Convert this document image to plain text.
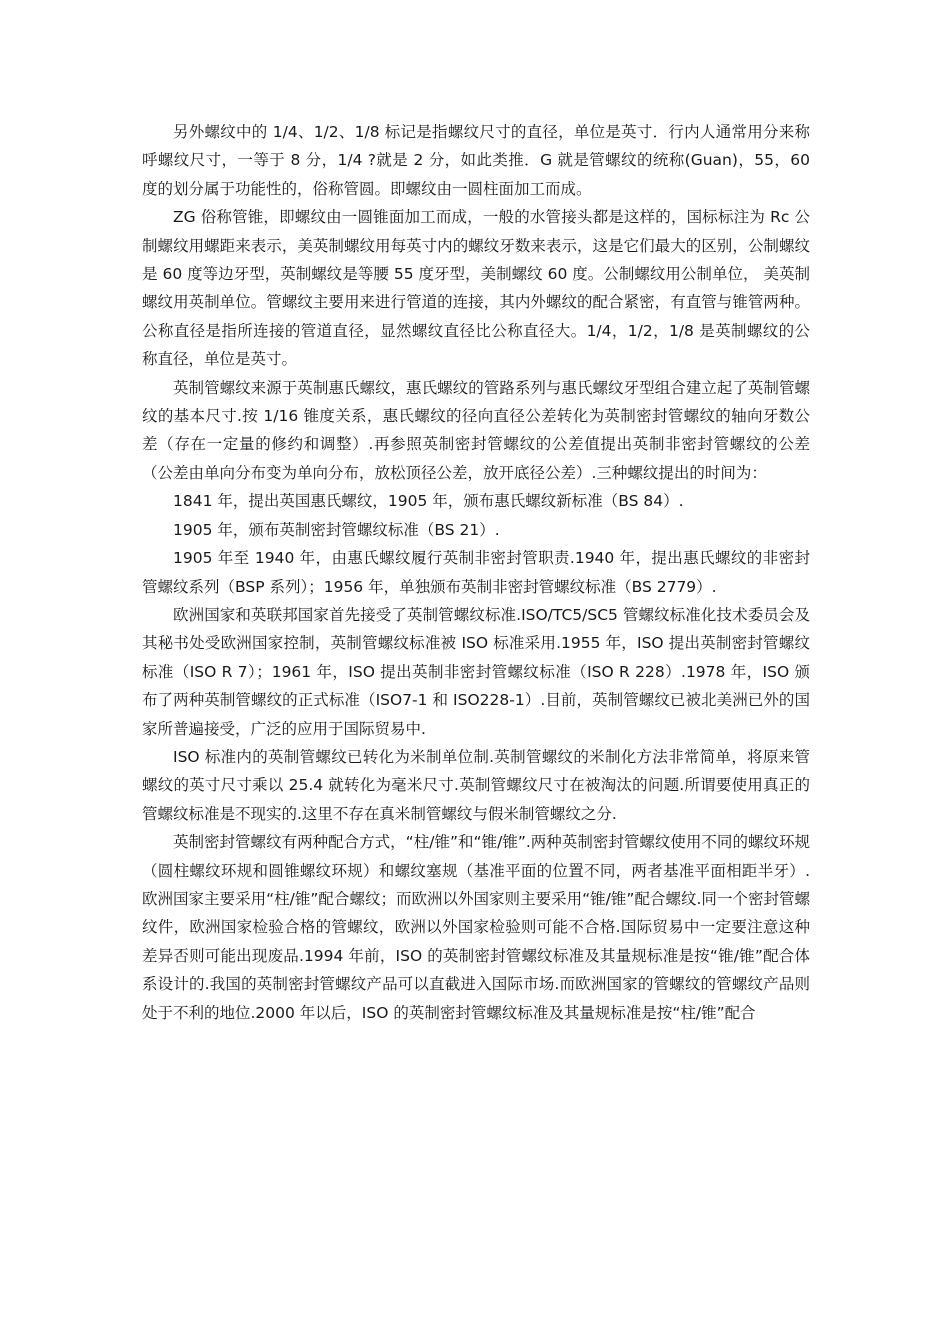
另外螺纹中的 1/4、1/2、1/8 标记是指螺纹尺寸的直径，单位是英寸．行内人通常用分来称呼螺纹尺寸，一等于 8 分，1/4 ?就是 2 分，如此类推．G 就是管螺纹的统称(Guan)，55，60 度的划分属于功能性的，俗称管圆。即螺纹由一圆柱面加工而成。

ZG 俗称管锥，即螺纹由一圆锥面加工而成，一般的水管接头都是这样的，国标标注为 Rc 公制螺纹用螺距来表示，美英制螺纹用每英寸内的螺纹牙数来表示，这是它们最大的区别，公制螺纹是 60 度等边牙型，英制螺纹是等腰 55 度牙型，美制螺纹 60 度。公制螺纹用公制单位， 美英制螺纹用英制单位。管螺纹主要用来进行管道的连接，其内外螺纹的配合紧密，有直管与锥管两种。公称直径是指所连接的管道直径，显然螺纹直径比公称直径大。1/4，1/2，1/8 是英制螺纹的公称直径，单位是英寸。

英制管螺纹来源于英制惠氏螺纹，惠氏螺纹的管路系列与惠氏螺纹牙型组合建立起了英制管螺纹的基本尺寸.按 1/16 锥度关系，惠氏螺纹的径向直径公差转化为英制密封管螺纹的轴向牙数公差（存在一定量的修约和调整）.再参照英制密封管螺纹的公差值提出英制非密封管螺纹的公差（公差由单向分布变为单向分布，放松顶径公差，放开底径公差）.三种螺纹提出的时间为：

1841 年，提出英国惠氏螺纹，1905 年，颁布惠氏螺纹新标准（BS 84）.

1905 年，颁布英制密封管螺纹标准（BS 21）.

1905 年至 1940 年，由惠氏螺纹履行英制非密封管职责.1940 年，提出惠氏螺纹的非密封管螺纹系列（BSP 系列）；1956 年，单独颁布英制非密封管螺纹标准（BS 2779）.

欧洲国家和英联邦国家首先接受了英制管螺纹标准.ISO/TC5/SC5 管螺纹标准化技术委员会及其秘书处受欧洲国家控制，英制管螺纹标准被 ISO 标准采用.1955 年，ISO 提出英制密封管螺纹标准（ISO R 7）；1961 年，ISO 提出英制非密封管螺纹标准（ISO R 228）.1978 年，ISO 颁布了两种英制管螺纹的正式标准（ISO7-1 和 ISO228-1）.目前，英制管螺纹已被北美洲已外的国家所普遍接受，广泛的应用于国际贸易中.

ISO 标准内的英制管螺纹已转化为米制单位制.英制管螺纹的米制化方法非常简单，将原来管螺纹的英寸尺寸乘以 25.4 就转化为毫米尺寸.英制管螺纹尺寸在被淘汰的问题.所谓要使用真正的管螺纹标准是不现实的.这里不存在真米制管螺纹与假米制管螺纹之分.

英制密封管螺纹有两种配合方式，“柱/锥”和“锥/锥”.两种英制密封管螺纹使用不同的螺纹环规（圆柱螺纹环规和圆锥螺纹环规）和螺纹塞规（基准平面的位置不同，两者基准平面相距半牙）.欧洲国家主要采用“柱/锥”配合螺纹；而欧洲以外国家则主要采用“锥/锥”配合螺纹.同一个密封管螺纹件，欧洲国家检验合格的管螺纹，欧洲以外国家检验则可能不合格.国际贸易中一定要注意这种差异否则可能出现废品.1994 年前，ISO 的英制密封管螺纹标准及其量规标准是按“锥/锥”配合体系设计的.我国的英制密封管螺纹产品可以直截进入国际市场.而欧洲国家的管螺纹的管螺纹产品则处于不利的地位.2000 年以后，ISO 的英制密封管螺纹标准及其量规标准是按“柱/锥”配合
